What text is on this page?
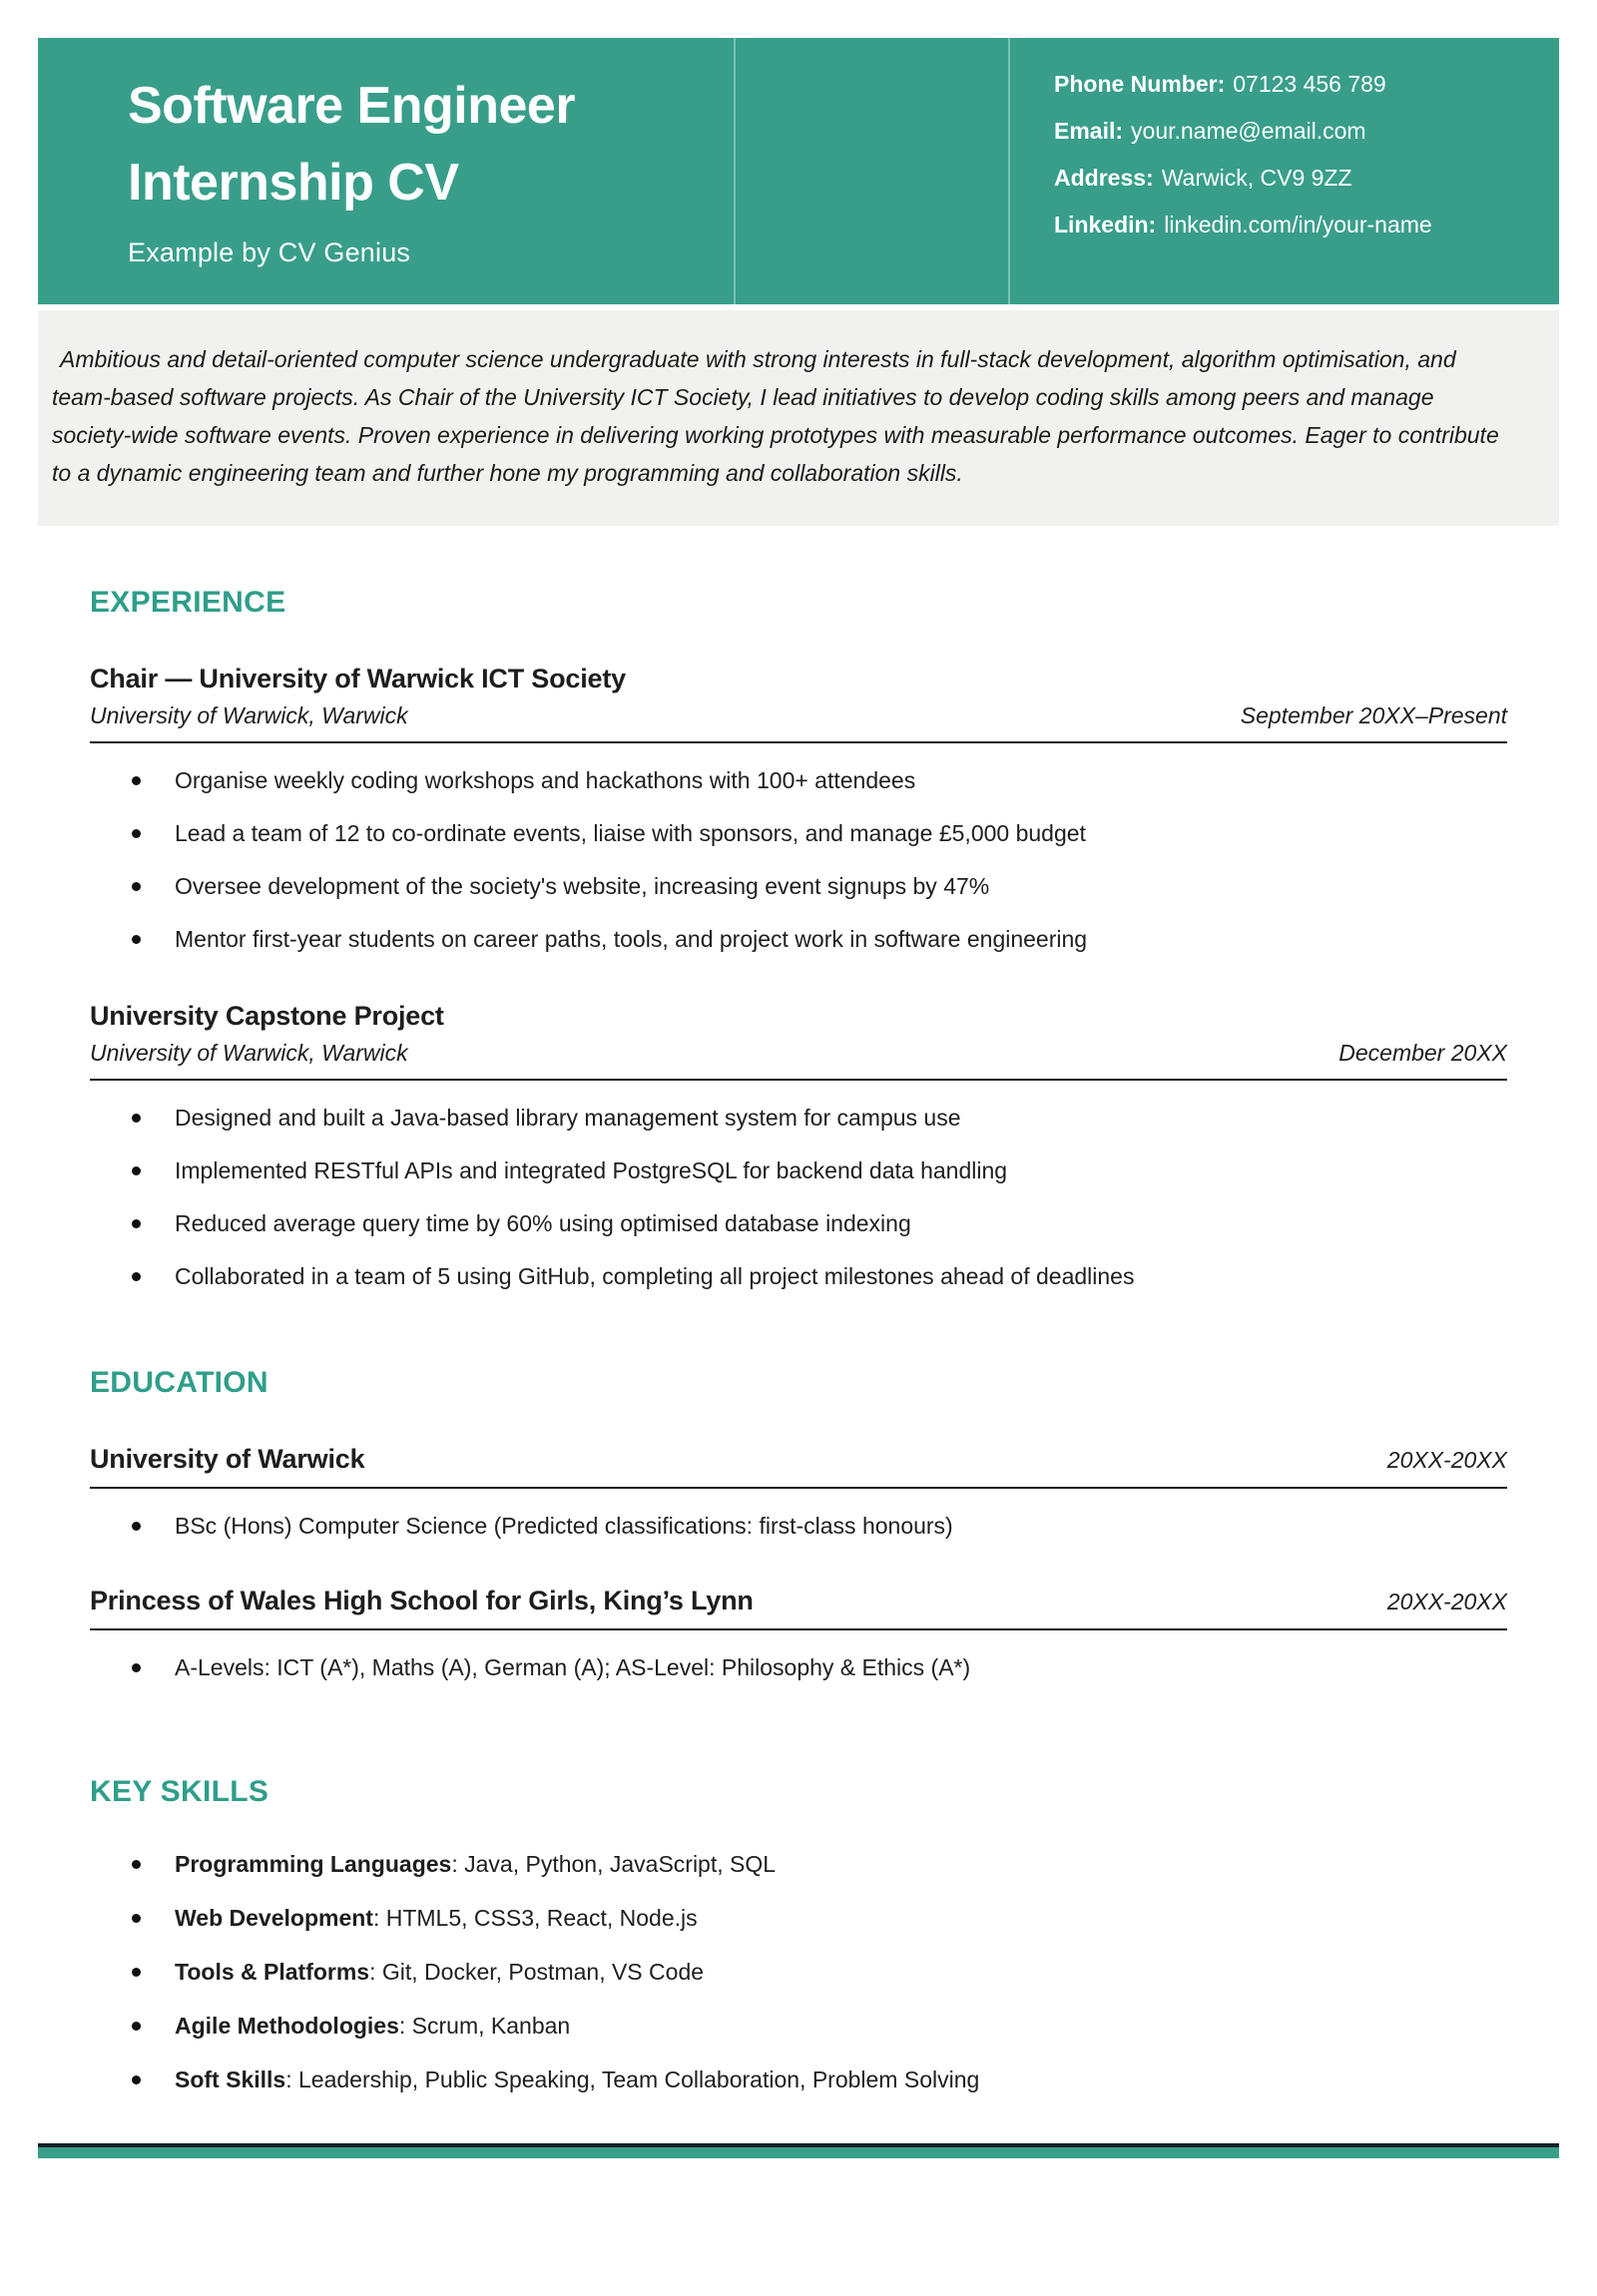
Software Engineer
Internship CV
Example by CV Genius
Phone Number: 07123 456 789
Email: your.name@email.com
Address: Warwick, CV9 9ZZ
Linkedin: linkedin.com/in/your-name

Ambitious and detail-oriented computer science undergraduate with strong interests in full-stack development, algorithm optimisation, and team-based software projects. As Chair of the University ICT Society, I lead initiatives to develop coding skills among peers and manage society-wide software events. Proven experience in delivering working prototypes with measurable performance outcomes. Eager to contribute to a dynamic engineering team and further hone my programming and collaboration skills.

EXPERIENCE
Chair — University of Warwick ICT Society
University of Warwick, Warwick	September 20XX–Present
Organise weekly coding workshops and hackathons with 100+ attendees
Lead a team of 12 to co-ordinate events, liaise with sponsors, and manage £5,000 budget
Oversee development of the society's website, increasing event signups by 47%
Mentor first-year students on career paths, tools, and project work in software engineering
University Capstone Project
University of Warwick, Warwick	December 20XX
Designed and built a Java-based library management system for campus use
Implemented RESTful APIs and integrated PostgreSQL for backend data handling
Reduced average query time by 60% using optimised database indexing
Collaborated in a team of 5 using GitHub, completing all project milestones ahead of deadlines
EDUCATION
University of Warwick	20XX-20XX
BSc (Hons) Computer Science (Predicted classifications: first-class honours)
Princess of Wales High School for Girls, King’s Lynn	20XX-20XX
A-Levels: ICT (A*), Maths (A), German (A); AS-Level: Philosophy & Ethics (A*)
KEY SKILLS
Programming Languages: Java, Python, JavaScript, SQL
Web Development: HTML5, CSS3, React, Node.js
Tools & Platforms: Git, Docker, Postman, VS Code
Agile Methodologies: Scrum, Kanban
Soft Skills: Leadership, Public Speaking, Team Collaboration, Problem Solving
